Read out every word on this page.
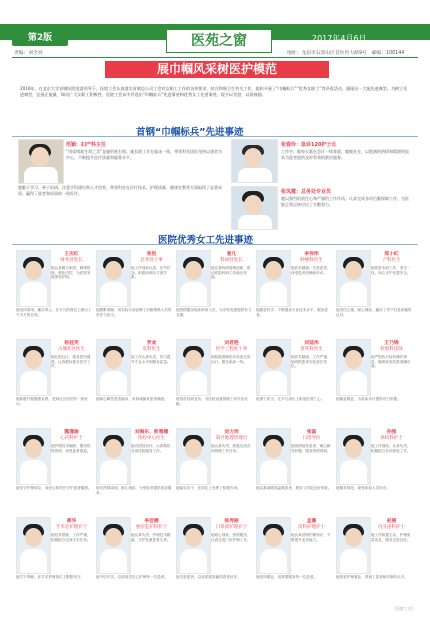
第2版	医苑之窗	2017年4月6日
责编：刘全亮	地址：龙岩市石景山区首医医大路9号　 邮编：100144
展巾帼风采树医护模范
2016年，在北京大学首钢医院党委领导下，医院工会认真落实首钢总公司工会对女职工工作的各项要求，结合和谐卫生有关工作，组织开展了“巾帼标兵”“优秀女职工”等评选活动，涌现出一大批先进典型。为树立先进典型，弘扬正能量，调动广大女职工积极性，医院工会从中评选出“巾帼标兵”先进事迹和优秀女工先进事迹，现予以刊登，以资鼓励。
首钢“巾帼标兵”先进事迹
范颖：妇产科主任
“用爱铸就生命之美”是她的座右铭。她长期工作在临床一线，带领科室团队坚持以患者为中心，不断提升医疗质量和服务水平。
她勤于学习、善于钻研，注重学科建设和人才培养，带领科室在诊疗技术、护理质量、健康宣教等方面取得了显著成绩，赢得了患者和同事的一致好评。
张春玲：急诊120护士长
工作中，她每天都在急诊一线奔波，兢兢业业，以饱满的热情和精湛的技术为患者提供及时有效的救治服务。
张凤霞：总务处专业员
她以强烈的责任心和严谨的工作作风，认真完成各项后勤保障工作，为医院正常运转付出了辛勤努力。
医院优秀女工先进事迹
王庆红
财务处处长
她认真履行职责，精细管理，强化内控，为医院发展保驾护航。
她坚持原则，廉洁奉公，在平凡的岗位上做出了不平凡的业绩。
张悦
总务处干事
她工作细致认真，任劳任怨，积极协调各方面关系。
她默默奉献，用实际行动诠释了后勤保障人员的责任与担当。
姜凡
科研处处长
她注重科研管理创新，推动医院科研工作稳步发展。
她热情服务临床科研人员，为学科发展提供有力支撑。
李伟伟
肿瘤科医生
她医术精湛，关爱患者，深受患者信赖和好评。
她勤奋好学，不断提高专业技术水平，服务患者。
郑小红
产科医生
她热爱本职工作，坚守一线，用心守护母婴安全。
她责任心强，耐心细致，赢得了孕产妇及家属的认可。
杨桂英
古城社区医生
她扎根社区，服务居民健康，认真做好基本医疗工作。
她积极开展健康宣教，受到社区居民的一致好评。
罗欢
皮科医生
她工作认真负责，努力提升专业水平和服务质量。
她耐心解答患者疑问，用真诚换来患者满意。
刘君艳
医学工程处干事
她积极保障医疗设备正常运行，服务临床一线。
她刻苦钻研业务，为医院设备管理工作作出贡献。
刘延伟
普外科医生
她医术精湛，工作严谨，始终把患者安危放在首位。
她勇于担当，在平凡岗位上彰显医者仁心。
王乃锦
检验科技师
她严格执行检验操作规范，确保检验结果准确可靠。
她勤奋敬业，为临床诊疗提供有力依据。
魏瑾瑜
心内科护士
她护理技术娴熟，服务热情周到，深受患者欢迎。
她坚守护理岗位，用爱心和责任守护患者健康。
刘海东、彭雅娜
体检中心医生
她们团结协作，认真做好各项体检服务工作。
她们热情周到，耐心细致，为受检者提供优质服务。
刘力玮
简介地理管理员
她认真负责，积极完成各项管理工作任务。
她踏实肯干，在岗位上发挥了积极作用。
张磊
门诊导医
她热情接待患者，耐心解答问题，服务热情周到。
她以真诚微笑温暖患者，展现了医院良好形象。
孙强
体检科护士
她工作细致，认真负责，积极配合各项体检工作。
她服务规范，深受体检人员好评。
蒋华
手术室护理护士
她技术熟练，工作严谨，积极配合完成手术任务。
她甘于奉献，在手术护理岗位上默默坚守。
李佳娜
重症监护科护士
她认真负责，护理技术精湛，守护危重患者生命。
她不怕辛苦，以高度责任心护理每一位患者。
徐秀丽
门诊部护理护士
她耐心细致，热情服务，认真完成门诊护理工作。
她关爱患者，以优质服务赢得患者信任。
孟薇
皮科护理护士
她认真钻研护理知识，不断提升业务能力。
她爱岗敬业，用真情服务每一位患者。
赵丽
内分泌科护士
她工作积极主动，护理质量优良，服务态度良好。
她热爱护理事业，得到了患者和同事的认可。
（医院工会）
